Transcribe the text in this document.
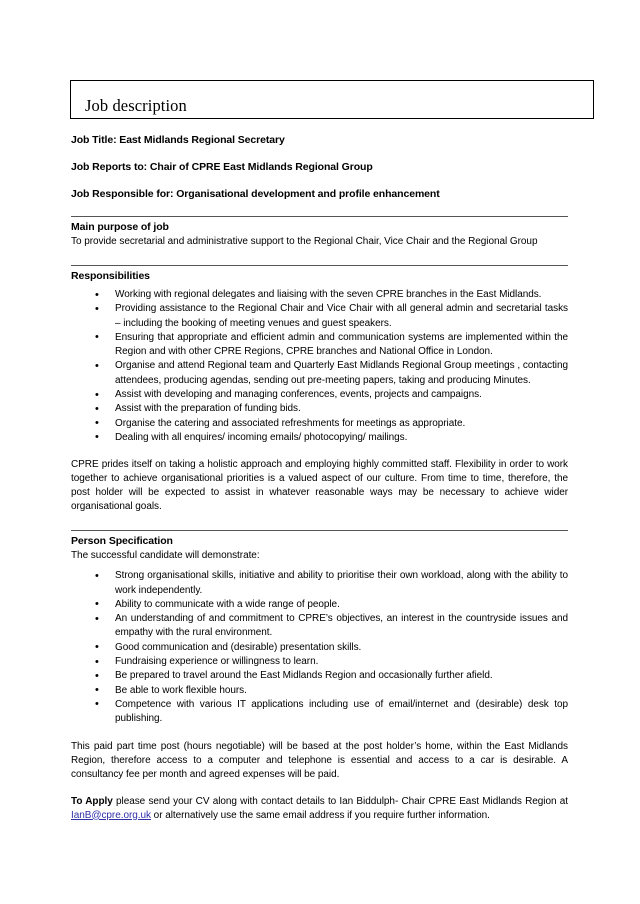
Job description
Job Title: East Midlands Regional Secretary
Job Reports to: Chair of CPRE East Midlands Regional Group
Job Responsible for: Organisational development and profile enhancement
Main purpose of job
To provide secretarial and administrative support to the Regional Chair, Vice Chair and the Regional Group
Responsibilities
• Working with regional delegates and liaising with the seven CPRE branches in the East Midlands.
• Providing assistance to the Regional Chair and Vice Chair with all general admin and secretarial tasks – including the booking of meeting venues and guest speakers.
• Ensuring that appropriate and efficient admin and communication systems are implemented within the Region and with other CPRE Regions, CPRE branches and National Office in London.
• Organise and attend Regional team and Quarterly East Midlands Regional Group meetings , contacting attendees, producing agendas, sending out pre-meeting papers, taking and producing Minutes.
• Assist with developing and managing conferences, events, projects and campaigns.
• Assist with the preparation of funding bids.
• Organise the catering and associated refreshments for meetings as appropriate.
• Dealing with all enquires/ incoming emails/ photocopying/ mailings.
CPRE prides itself on taking a holistic approach and employing highly committed staff. Flexibility in order to work together to achieve organisational priorities is a valued aspect of our culture. From time to time, therefore, the post holder will be expected to assist in whatever reasonable ways may be necessary to achieve wider organisational goals.
Person Specification
The successful candidate will demonstrate:
• Strong organisational skills, initiative and ability to prioritise their own workload, along with the ability to work independently.
• Ability to communicate with a wide range of people.
• An understanding of and commitment to CPRE’s objectives, an interest in the countryside issues and empathy with the rural environment.
• Good communication and (desirable) presentation skills.
• Fundraising experience or willingness to learn.
• Be prepared to travel around the East Midlands Region and occasionally further afield.
• Be able to work flexible hours.
• Competence with various IT applications including use of email/internet and (desirable) desk top publishing.
This paid part time post (hours negotiable) will be based at the post holder’s home, within the East Midlands Region, therefore access to a computer and telephone is essential and access to a car is desirable. A consultancy fee per month and agreed expenses will be paid.
To Apply please send your CV along with contact details to Ian Biddulph- Chair CPRE East Midlands Region at IanB@cpre.org.uk or alternatively use the same email address if you require further information.
